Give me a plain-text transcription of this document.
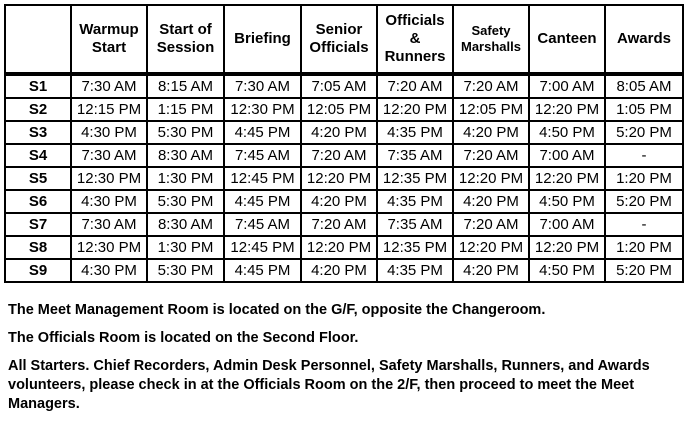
	Warmup Start	Start of Session	Briefing	Senior Officials	Officials & Runners	Safety Marshalls	Canteen	Awards
S1	7:30 AM	8:15 AM	7:30 AM	7:05 AM	7:20 AM	7:20 AM	7:00 AM	8:05 AM
S2	12:15 PM	1:15 PM	12:30 PM	12:05 PM	12:20 PM	12:05 PM	12:20 PM	1:05 PM
S3	4:30 PM	5:30 PM	4:45 PM	4:20 PM	4:35 PM	4:20 PM	4:50 PM	5:20 PM
S4	7:30 AM	8:30 AM	7:45 AM	7:20 AM	7:35 AM	7:20 AM	7:00 AM	-
S5	12:30 PM	1:30 PM	12:45 PM	12:20 PM	12:35 PM	12:20 PM	12:20 PM	1:20 PM
S6	4:30 PM	5:30 PM	4:45 PM	4:20 PM	4:35 PM	4:20 PM	4:50 PM	5:20 PM
S7	7:30 AM	8:30 AM	7:45 AM	7:20 AM	7:35 AM	7:20 AM	7:00 AM	-
S8	12:30 PM	1:30 PM	12:45 PM	12:20 PM	12:35 PM	12:20 PM	12:20 PM	1:20 PM
S9	4:30 PM	5:30 PM	4:45 PM	4:20 PM	4:35 PM	4:20 PM	4:50 PM	5:20 PM

The Meet Management Room is located on the G/F, opposite the Changeroom.

The Officials Room is located on the Second Floor.

All Starters. Chief Recorders, Admin Desk Personnel, Safety Marshalls, Runners, and Awards volunteers, please check in at the Officials Room on the 2/F, then proceed to meet the Meet Managers.
